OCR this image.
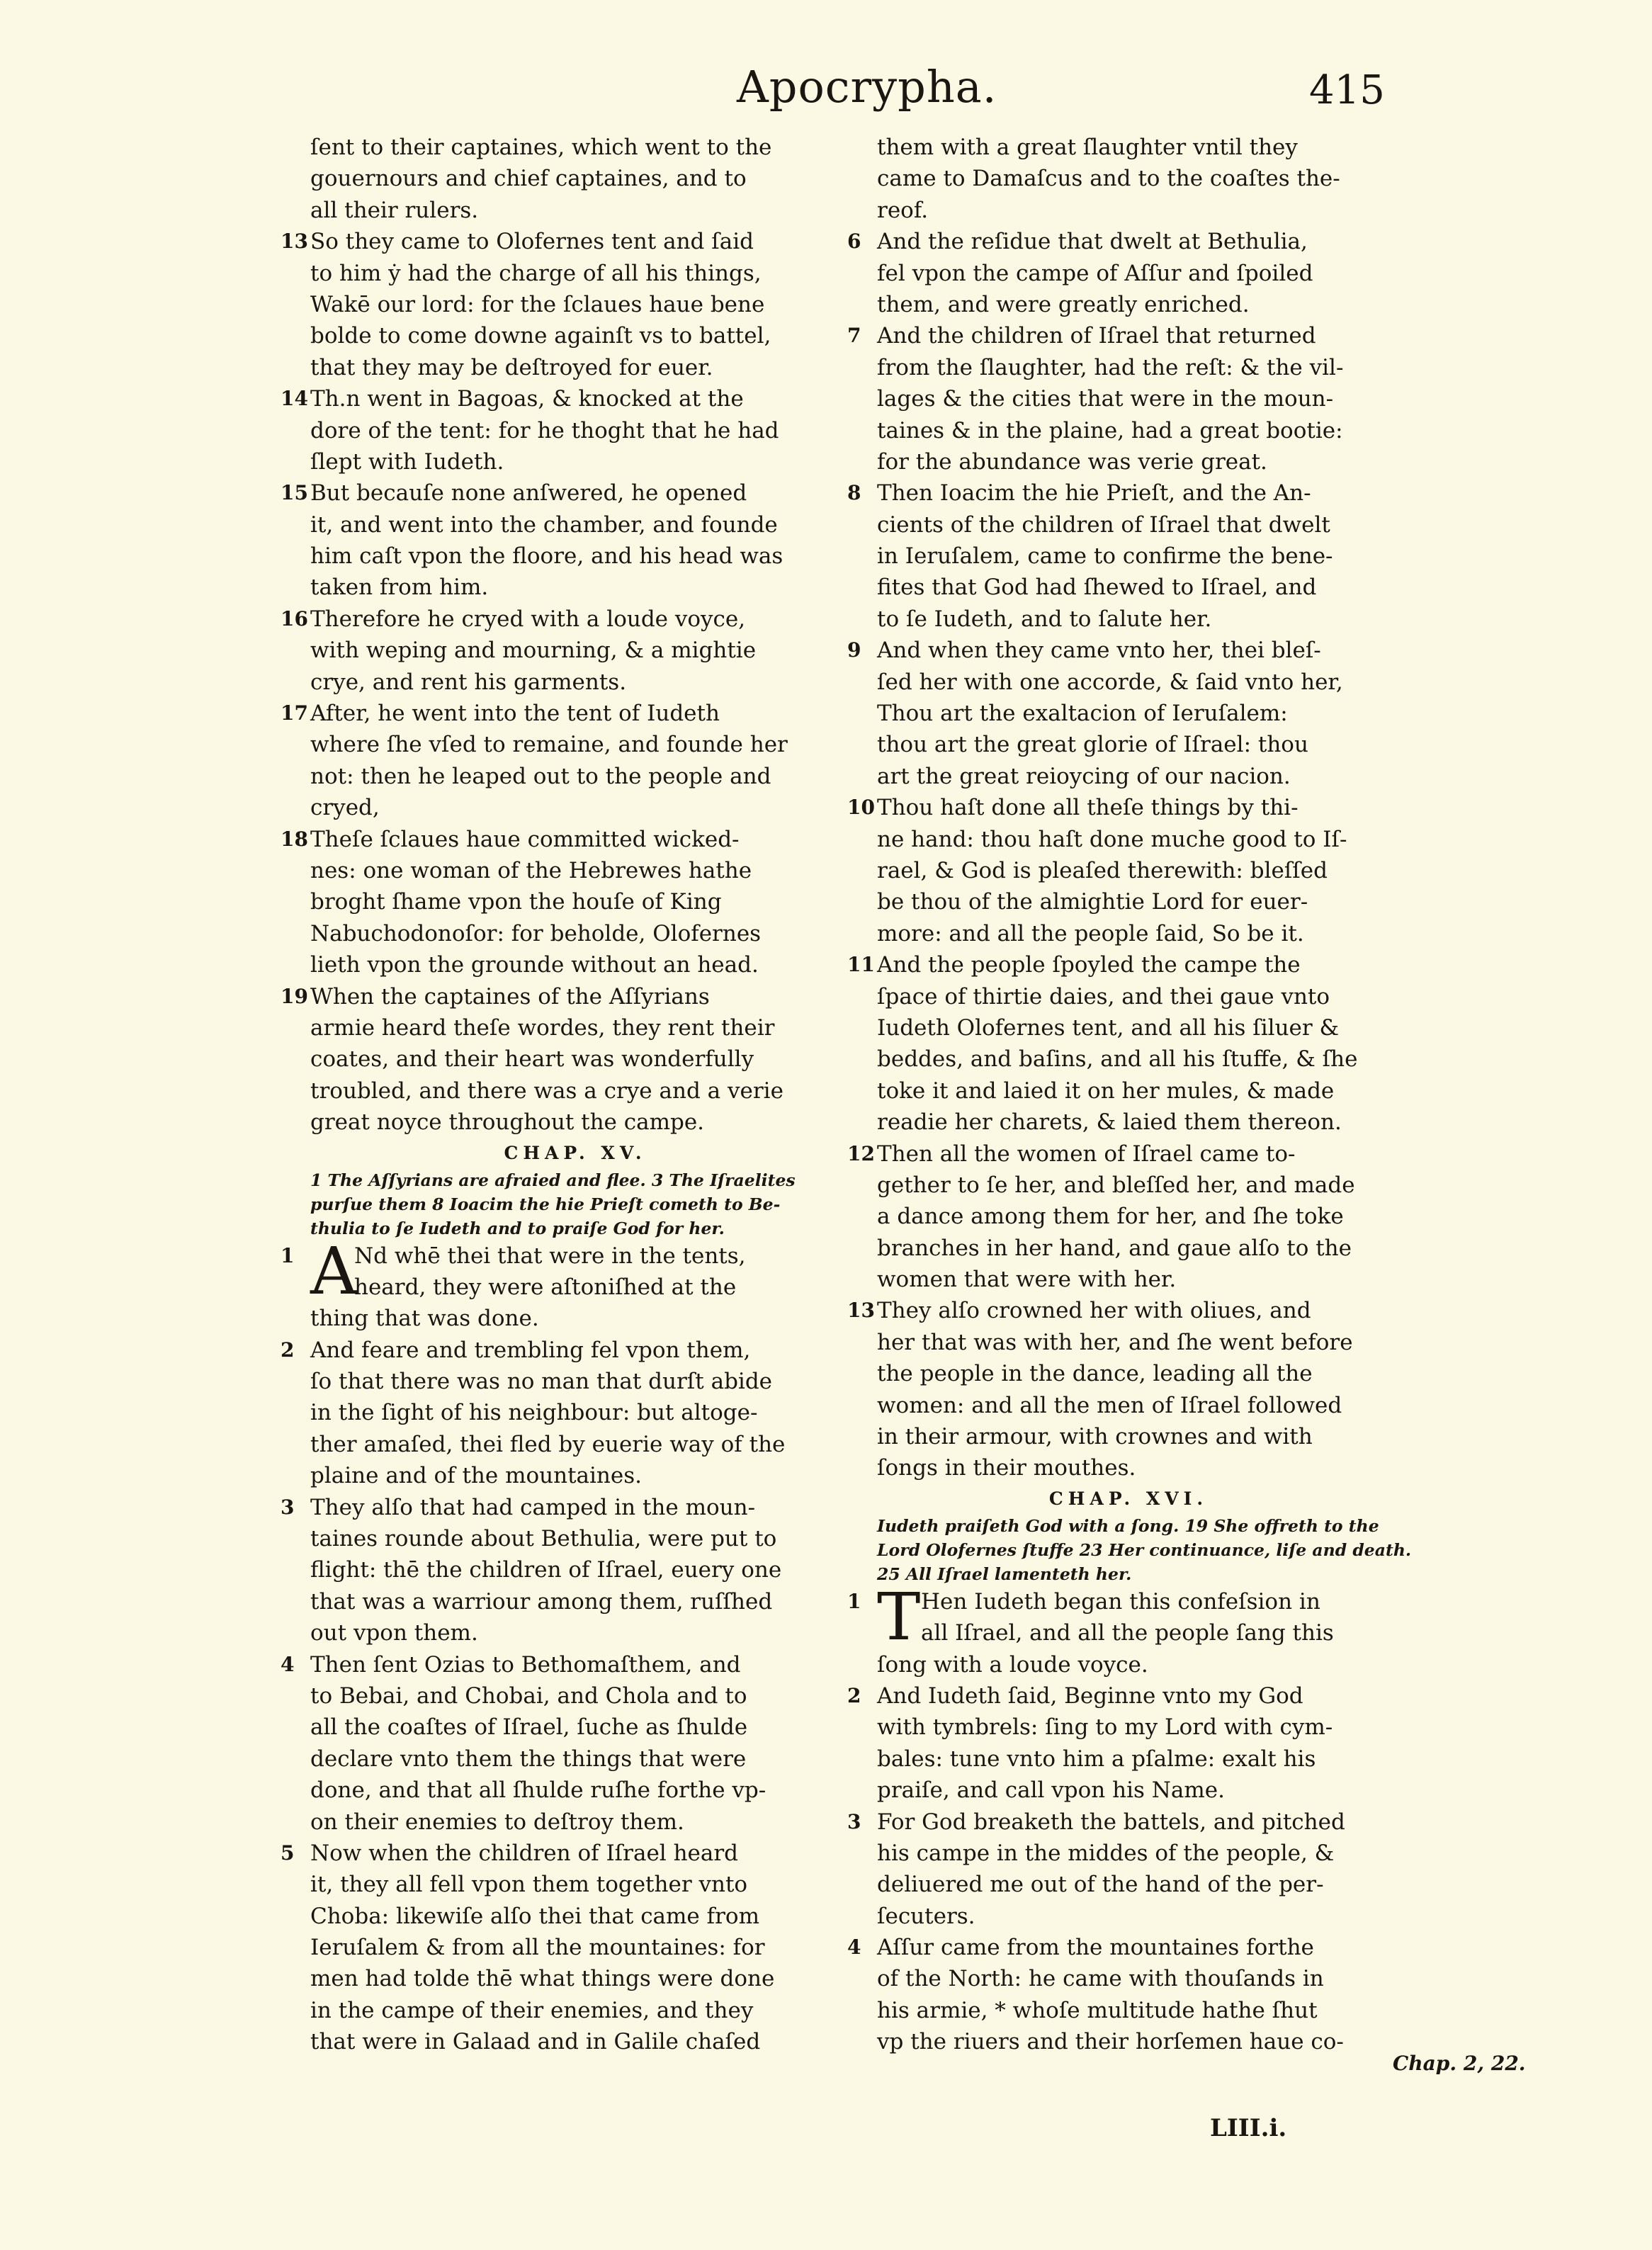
Apocrypha.	415
ſent to their captaines, which went to the
gouernours and chief captaines, and to
all their rulers.
13 So they came to Olofernes tent and ſaid
to him ẏ had the charge of all his things,
Wakē our lord: for the ſclaues haue bene
bolde to come downe againſt vs to battel,
that they may be deſtroyed for euer.
14 Th.n went in Bagoas, & knocked at the
dore of the tent: for he thoght that he had
ſlept with Iudeth.
15 But becauſe none anſwered, he opened
it, and went into the chamber, and founde
him caſt vpon the floore, and his head was
taken from him.
16 Therefore he cryed with a loude voyce,
with weping and mourning, & a mightie
crye, and rent his garments.
17 After, he went into the tent of Iudeth
where ſhe vſed to remaine, and founde her
not: then he leaped out to the people and
cryed,
18 Theſe ſclaues haue committed wicked-
nes: one woman of the Hebrewes hathe
broght ſhame vpon the houſe of King
Nabuchodonoſor: for beholde, Olofernes
lieth vpon the grounde without an head.
19 When the captaines of the Aſſyrians
armie heard theſe wordes, they rent their
coates, and their heart was wonderfully
troubled, and there was a crye and a verie
great noyce throughout the campe.
CHAP. XV.
1 The Aſſyrians are afraied and flee. 3 The Iſraelites
purſue them 8 Ioacim the hie Prieſt cometh to Be-
thulia to ſe Iudeth and to praiſe God for her.
A
1	Nd whē thei that were in the tents,
heard, they were aſtoniſhed at the
thing that was done.
2 And feare and trembling fel vpon them,
ſo that there was no man that durſt abide
in the ſight of his neighbour: but altoge-
ther amaſed, thei fled by euerie way of the
plaine and of the mountaines.
3 They alſo that had camped in the moun-
taines rounde about Bethulia, were put to
flight: thē the children of Iſrael, euery one
that was a warriour among them, ruſſhed
out vpon them.
4 Then ſent Ozias to Bethomaſthem, and
to Bebai, and Chobai, and Chola and to
all the coaſtes of Iſrael, ſuche as ſhulde
declare vnto them the things that were
done, and that all ſhulde ruſhe forthe vp-
on their enemies to deſtroy them.
5 Now when the children of Iſrael heard
it, they all fell vpon them together vnto
Choba: likewiſe alſo thei that came from
Ieruſalem & from all the mountaines: for
men had tolde thē what things were done
in the campe of their enemies, and they
that were in Galaad and in Galile chaſed
them with a great ſlaughter vntil they
came to Damaſcus and to the coaſtes the-
reof.
6 And the reſidue that dwelt at Bethulia,
fel vpon the campe of Aſſur and ſpoiled
them, and were greatly enriched.
7 And the children of Iſrael that returned
from the ſlaughter, had the reſt: & the vil-
lages & the cities that were in the moun-
taines & in the plaine, had a great bootie:
for the abundance was verie great.
8 Then Ioacim the hie Prieſt, and the An-
cients of the children of Iſrael that dwelt
in Ieruſalem, came to confirme the bene-
fites that God had ſhewed to Iſrael, and
to ſe Iudeth, and to ſalute her.
9 And when they came vnto her, thei bleſ-
ſed her with one accorde, & ſaid vnto her,
Thou art the exaltacion of Ieruſalem:
thou art the great glorie of Iſrael: thou
art the great reioycing of our nacion.
10 Thou haſt done all theſe things by thi-
ne hand: thou haſt done muche good to Iſ-
rael, & God is pleaſed therewith: bleſſed
be thou of the almightie Lord for euer-
more: and all the people ſaid, So be it.
11 And the people ſpoyled the campe the
ſpace of thirtie daies, and thei gaue vnto
Iudeth Olofernes tent, and all his ſiluer &
beddes, and baſins, and all his ſtuffe, & ſhe
toke it and laied it on her mules, & made
readie her charets, & laied them thereon.
12 Then all the women of Iſrael came to-
gether to ſe her, and bleſſed her, and made
a dance among them for her, and ſhe toke
branches in her hand, and gaue alſo to the
women that were with her.
13 They alſo crowned her with oliues, and
her that was with her, and ſhe went before
the people in the dance, leading all the
women: and all the men of Iſrael followed
in their armour, with crownes and with
ſongs in their mouthes.
CHAP. XVI.
Iudeth praiſeth God with a ſong. 19 She offreth to the
Lord Olofernes ſtuffe 23 Her continuance, liſe and death.
25 All Iſrael lamenteth her.
T
1	Hen Iudeth began this confeſsion in
all Iſrael, and all the people ſang this
ſong with a loude voyce.
2 And Iudeth ſaid, Beginne vnto my God
with tymbrels: ſing to my Lord with cym-
bales: tune vnto him a pſalme: exalt his
praiſe, and call vpon his Name.
3 For God breaketh the battels, and pitched
his campe in the middes of the people, &
deliuered me out of the hand of the per-
ſecuters.
4 Aſſur came from the mountaines forthe
of the North: he came with thouſands in
his armie, * whoſe multitude hathe ſhut
vp the riuers and their horſemen haue co-
Chap. 2, 22.
LIII.i.
